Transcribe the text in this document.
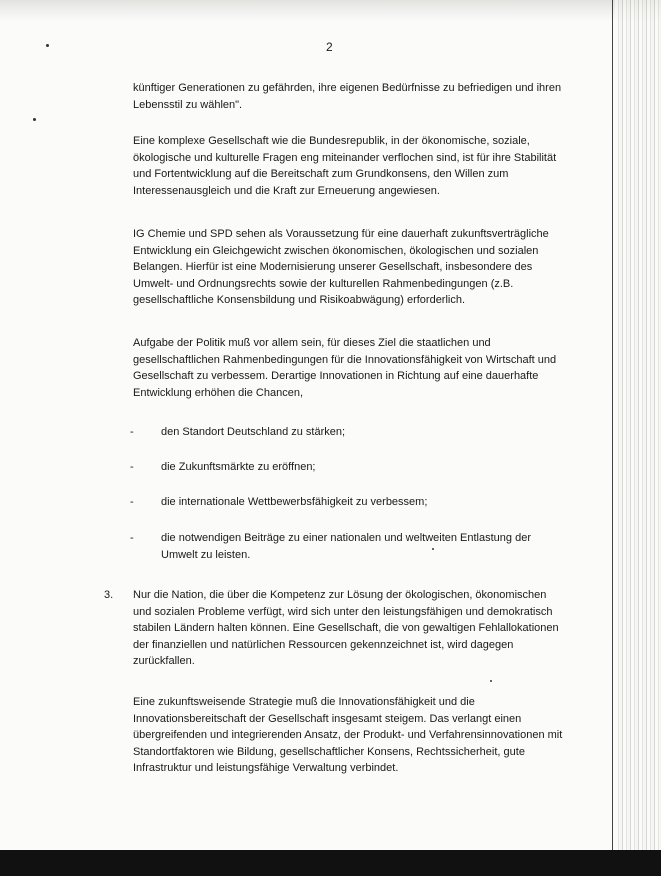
2

künftiger Generationen zu gefährden, ihre eigenen Bedürfnisse zu befriedigen und ihren Lebensstil zu wählen".

Eine komplexe Gesellschaft wie die Bundesrepublik, in der ökonomische, soziale, ökologische und kulturelle Fragen eng miteinander verflochen sind, ist für ihre Stabilität und Fortentwicklung auf die Bereitschaft zum Grundkonsens, den Willen zum Interessenausgleich und die Kraft zur Erneuerung angewiesen.

IG Chemie und SPD sehen als Voraussetzung für eine dauerhaft zukunftsverträgliche Entwicklung ein Gleichgewicht zwischen ökonomischen, ökologischen und sozialen Belangen. Hierfür ist eine Modernisierung unserer Gesellschaft, insbesondere des Umwelt- und Ordnungsrechts sowie der kulturellen Rahmenbedingungen (z.B. gesellschaftliche Konsensbildung und Risikoabwägung) erforderlich.

Aufgabe der Politik muß vor allem sein, für dieses Ziel die staatlichen und gesellschaftlichen Rahmenbedingungen für die Innovationsfähigkeit von Wirtschaft und Gesellschaft zu verbessem. Derartige Innovationen in Richtung auf eine dauerhafte Entwicklung erhöhen die Chancen,

- den Standort Deutschland zu stärken;

- die Zukunftsmärkte zu eröffnen;

- die internationale Wettbewerbsfähigkeit zu verbessem;

- die notwendigen Beiträge zu einer nationalen und weltweiten Entlastung der Umwelt zu leisten.

3. Nur die Nation, die über die Kompetenz zur Lösung der ökologischen, ökonomischen und sozialen Probleme verfügt, wird sich unter den leistungsfähigen und demokratisch stabilen Ländern halten können. Eine Gesellschaft, die von gewaltigen Fehlallokationen der finanziellen und natürlichen Ressourcen gekennzeichnet ist, wird dagegen zurückfallen.

Eine zukunftsweisende Strategie muß die Innovationsfähigkeit und die Innovationsbereitschaft der Gesellschaft insgesamt steigem. Das verlangt einen übergreifenden und integrierenden Ansatz, der Produkt- und Verfahrensinnovationen mit Standortfaktoren wie Bildung, gesellschaftlicher Konsens, Rechtssicherheit, gute Infrastruktur und leistungsfähige Verwaltung verbindet.
